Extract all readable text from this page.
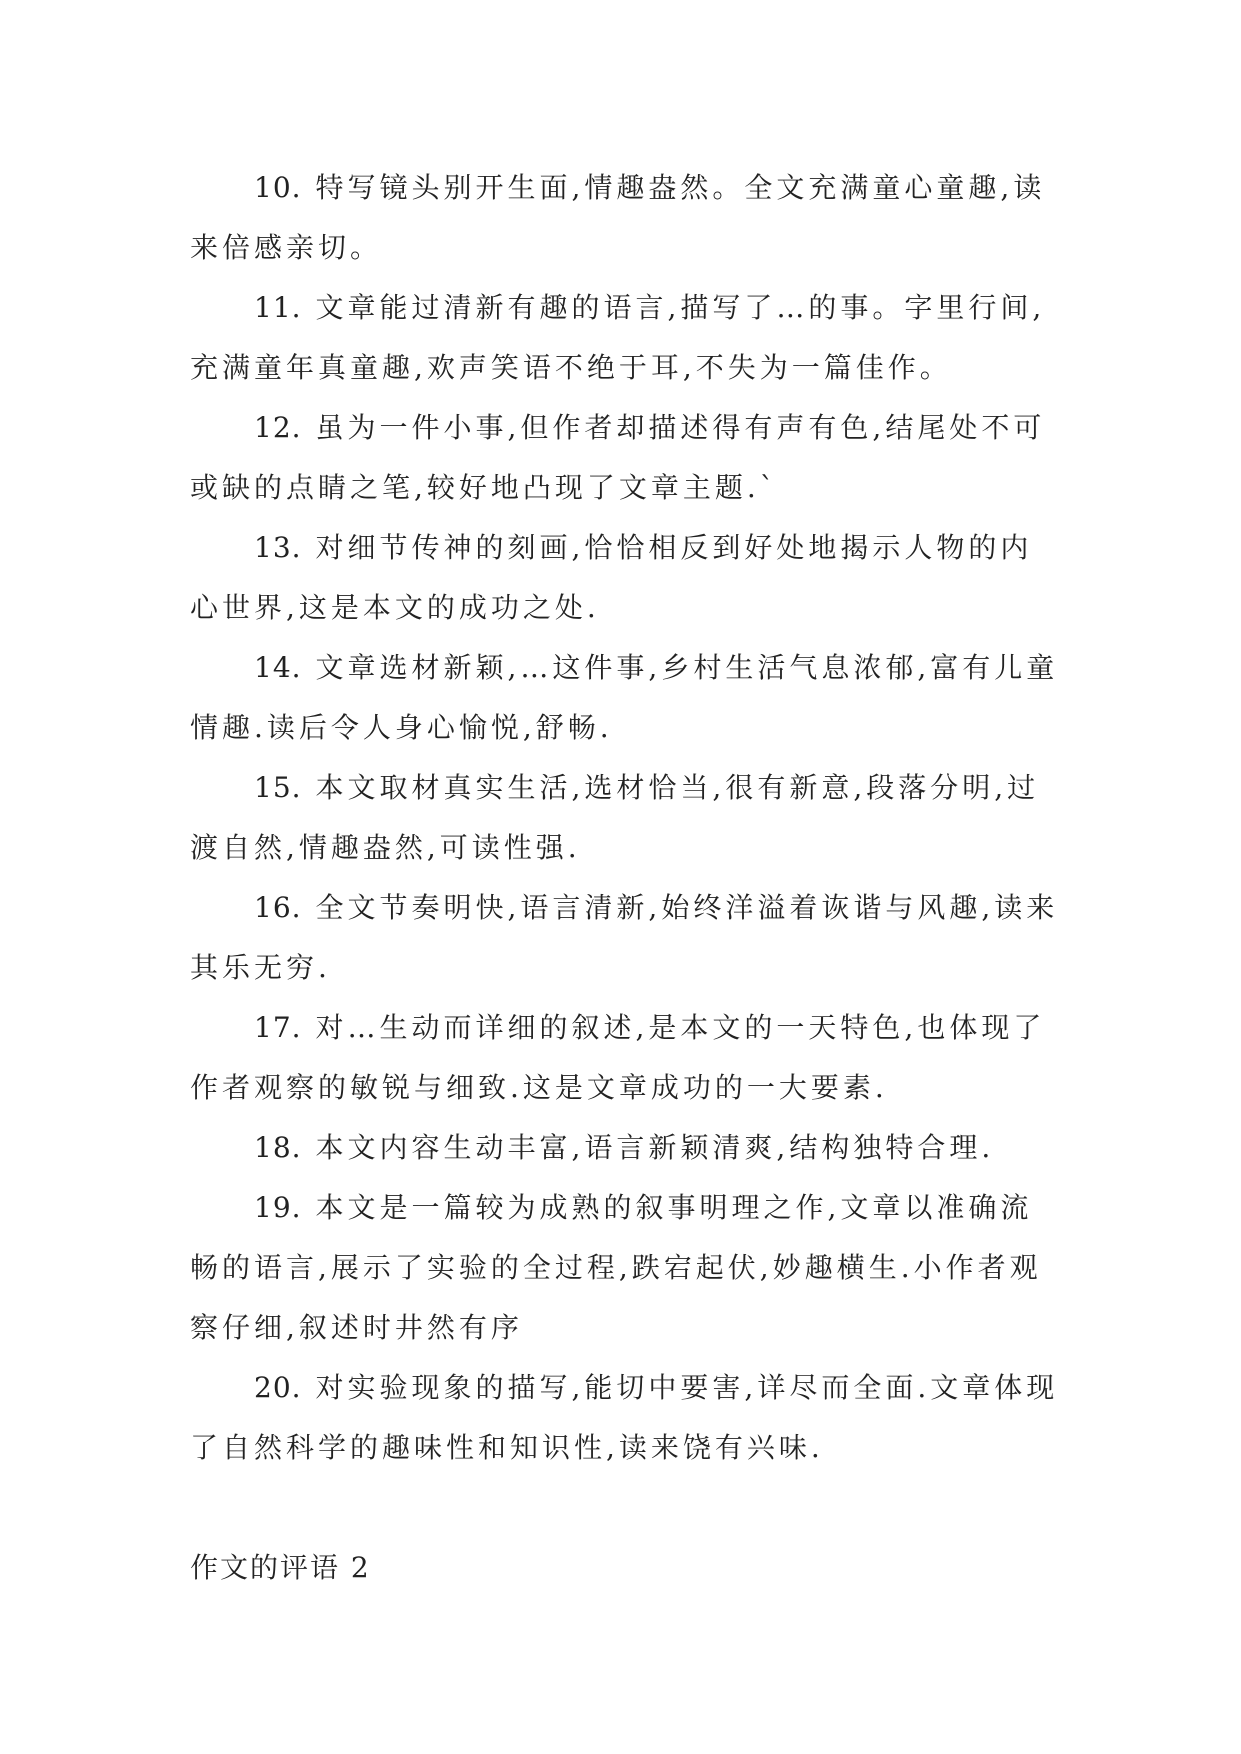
10. 特写镜头别开生面,情趣盎然。全文充满童心童趣,读来倍感亲切。

11. 文章能过清新有趣的语言,描写了…的事。字里行间,充满童年真童趣,欢声笑语不绝于耳,不失为一篇佳作。

12. 虽为一件小事,但作者却描述得有声有色,结尾处不可或缺的点睛之笔,较好地凸现了文章主题.`

13. 对细节传神的刻画,恰恰相反到好处地揭示人物的内心世界,这是本文的成功之处.

14. 文章选材新颖,…这件事,乡村生活气息浓郁,富有儿童情趣.读后令人身心愉悦,舒畅.

15. 本文取材真实生活,选材恰当,很有新意,段落分明,过渡自然,情趣盎然,可读性强.

16. 全文节奏明快,语言清新,始终洋溢着诙谐与风趣,读来其乐无穷.

17. 对…生动而详细的叙述,是本文的一天特色,也体现了作者观察的敏锐与细致.这是文章成功的一大要素.

18. 本文内容生动丰富,语言新颖清爽,结构独特合理.

19. 本文是一篇较为成熟的叙事明理之作,文章以准确流畅的语言,展示了实验的全过程,跌宕起伏,妙趣横生.小作者观察仔细,叙述时井然有序

20. 对实验现象的描写,能切中要害,详尽而全面.文章体现了自然科学的趣味性和知识性,读来饶有兴味.

作文的评语 2
